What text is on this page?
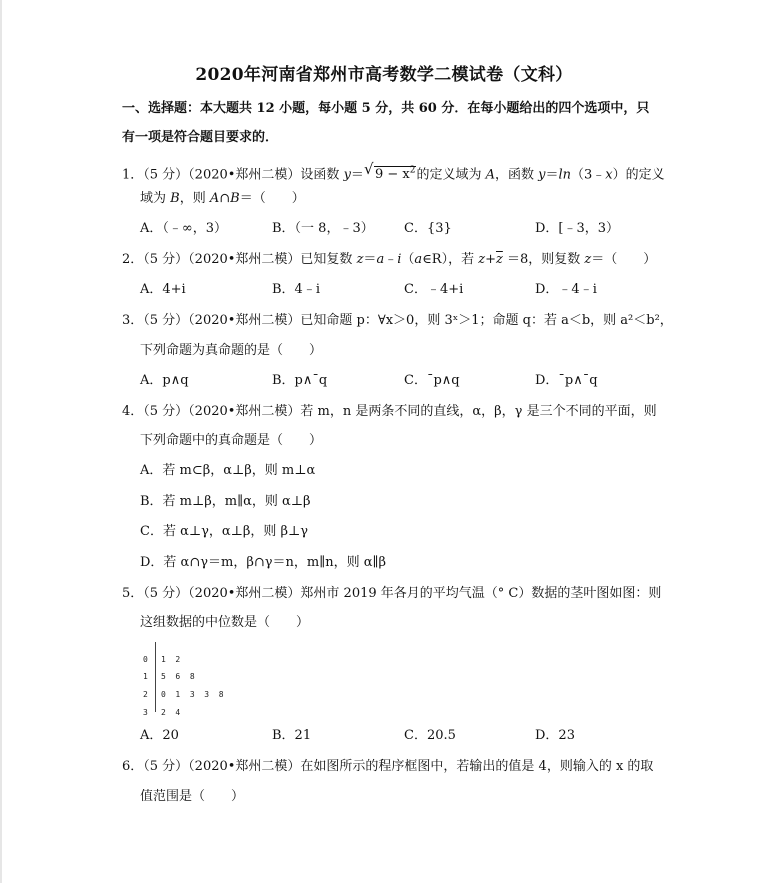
2020年河南省郑州市高考数学二模试卷（文科）
一、选择题：本大题共 12 小题，每小题 5 分，共 60 分．在每小题给出的四个选项中，只
有一项是符合题目要求的．
1．（5 分）（2020•郑州二模）设函数 y＝ √ $9 - x^2$的定义域为 A，函数 y＝ln（3﹣x）的定义
域为 B，则 A∩B＝（　　）
A．（﹣∞，3）	B．（一 8，﹣3） C．{3}	D．[﹣3，3）
2．（5 分）（2020•郑州二模）已知复数 z＝a﹣i（a∈R），若 $z+\overline{z} =8$，则复数 z＝（　　）
A．4+i	B．4﹣i	C．﹣4+i	D．﹣4﹣i
3．（5 分）（2020•郑州二模）已知命题 p：∀x＞0，则 3ˣ＞1；命题 q：若 a＜b，则 a²＜b²，
下列命题为真命题的是（　　）
A．p∧q	B．p∧¯q	C．¯p∧q	D．¯p∧¯q
4．（5 分）（2020•郑州二模）若 m，n 是两条不同的直线，α，β，γ 是三个不同的平面，则
下列命题中的真命题是（　　）
A．若 m⊂β，α⊥β，则 m⊥α
B．若 m⊥β，m∥α，则 α⊥β
C．若 α⊥γ，α⊥β，则 β⊥γ
D．若 α∩γ＝m，β∩γ＝n，m∥n，则 α∥β
5．（5 分）（2020•郑州二模）郑州市 2019 年各月的平均气温（° C）数据的茎叶图如图：则
这组数据的中位数是（　　）

0	1 2

1	5 6 8

2	0 1 3 3 8

3	2 4

A．20	B．21	C．20.5	D．23
6．（5 分）（2020•郑州二模）在如图所示的程序框图中，若输出的值是 4，则输入的 x 的取
值范围是（　　）
